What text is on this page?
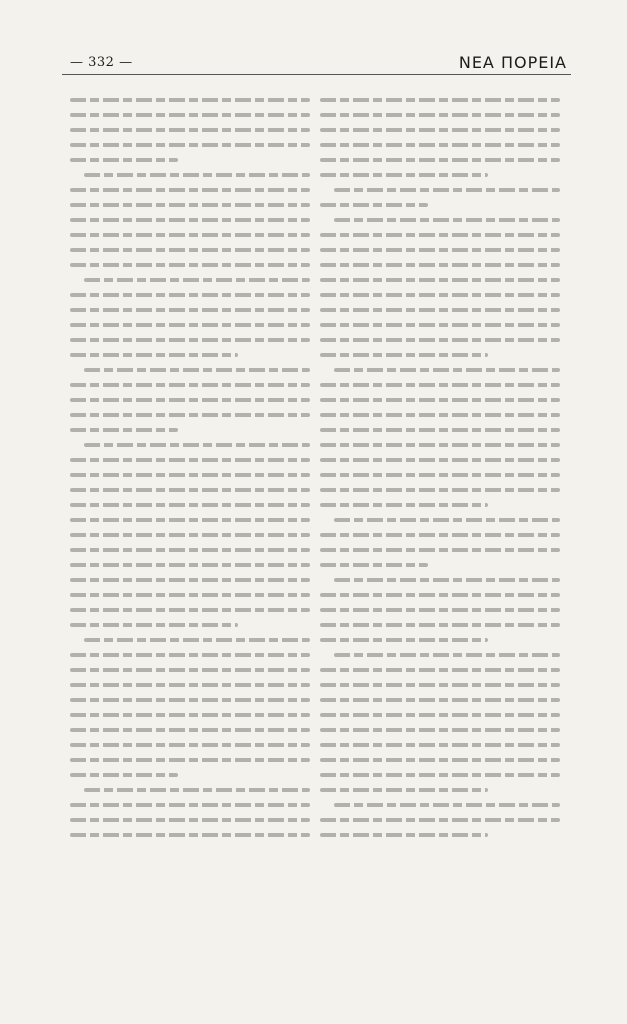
— 332 —	ΝΕΑ ΠΟΡΕΙΑ
